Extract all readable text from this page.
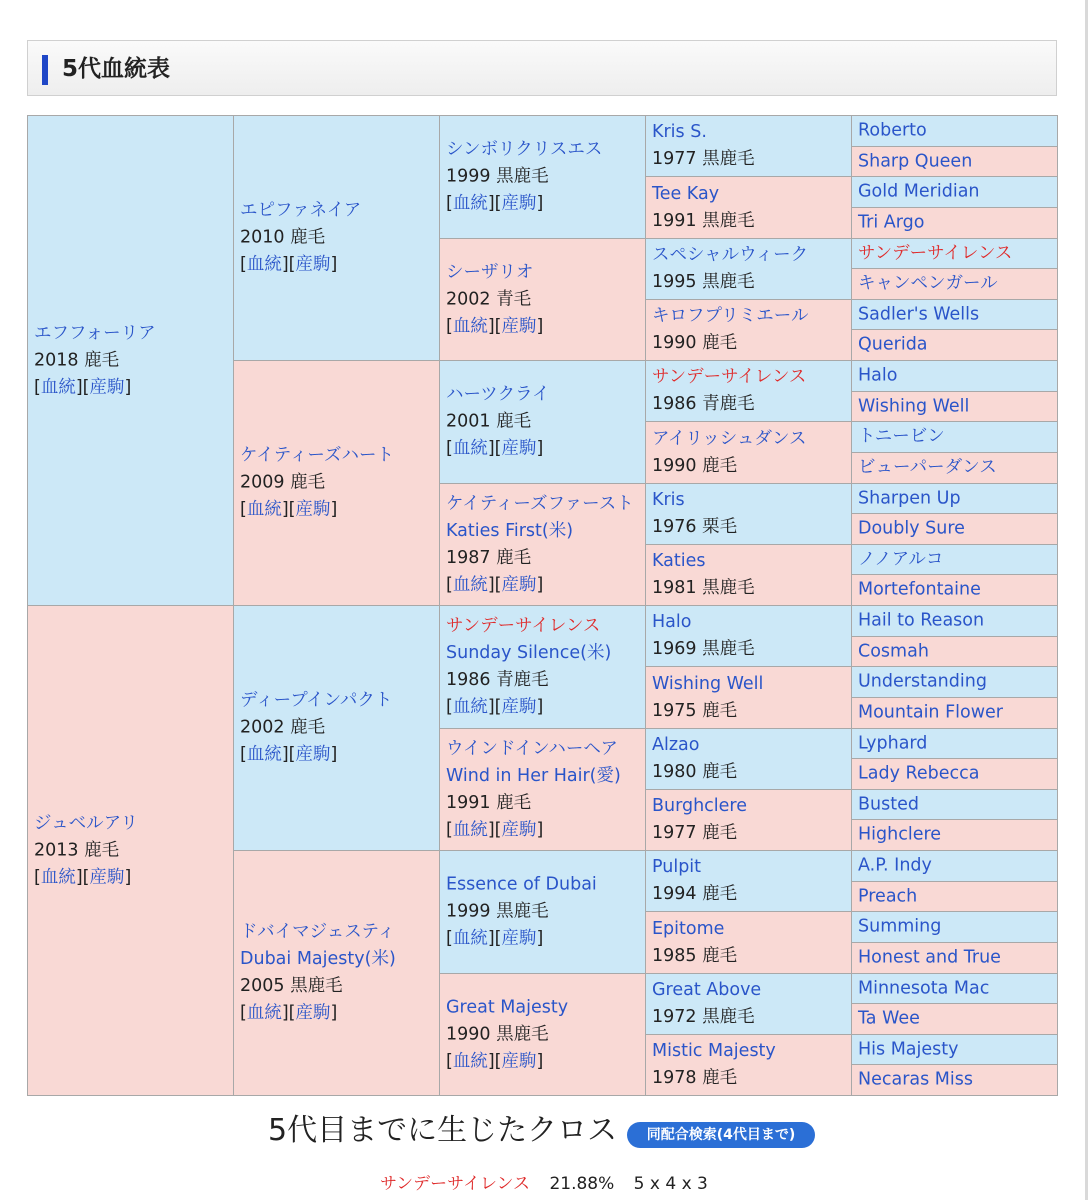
5代血統表
エフフォーリア
2018 鹿毛
[血統][産駒]
ジュベルアリ
2013 鹿毛
[血統][産駒]
エピファネイア
2010 鹿毛
[血統][産駒]
ケイティーズハート
2009 鹿毛
[血統][産駒]
ディープインパクト
2002 鹿毛
[血統][産駒]
ドバイマジェスティ
Dubai Majesty(米)
2005 黒鹿毛
[血統][産駒]
シンボリクリスエス
1999 黒鹿毛
[血統][産駒]
シーザリオ
2002 青毛
[血統][産駒]
ハーツクライ
2001 鹿毛
[血統][産駒]
ケイティーズファースト
Katies First(米)
1987 鹿毛
[血統][産駒]
サンデーサイレンス
Sunday Silence(米)
1986 青鹿毛
[血統][産駒]
ウインドインハーヘア
Wind in Her Hair(愛)
1991 鹿毛
[血統][産駒]
Essence of Dubai
1999 黒鹿毛
[血統][産駒]
Great Majesty
1990 黒鹿毛
[血統][産駒]
Kris S.
1977 黒鹿毛
Tee Kay
1991 黒鹿毛
スペシャルウィーク
1995 黒鹿毛
キロフプリミエール
1990 鹿毛
サンデーサイレンス
1986 青鹿毛
アイリッシュダンス
1990 鹿毛
Kris
1976 栗毛
Katies
1981 黒鹿毛
Halo
1969 黒鹿毛
Wishing Well
1975 鹿毛
Alzao
1980 鹿毛
Burghclere
1977 鹿毛
Pulpit
1994 鹿毛
Epitome
1985 鹿毛
Great Above
1972 黒鹿毛
Mistic Majesty
1978 鹿毛
Roberto
Sharp Queen
Gold Meridian
Tri Argo
サンデーサイレンス
キャンペンガール
Sadler's Wells
Querida
Halo
Wishing Well
トニービン
ビューパーダンス
Sharpen Up
Doubly Sure
ノノアルコ
Mortefontaine
Hail to Reason
Cosmah
Understanding
Mountain Flower
Lyphard
Lady Rebecca
Busted
Highclere
A.P. Indy
Preach
Summing
Honest and True
Minnesota Mac
Ta Wee
His Majesty
Necaras Miss
5代目までに生じたクロス	同配合検索(4代目まで)
サンデーサイレンス 21.88% 5 x 4 x 3
